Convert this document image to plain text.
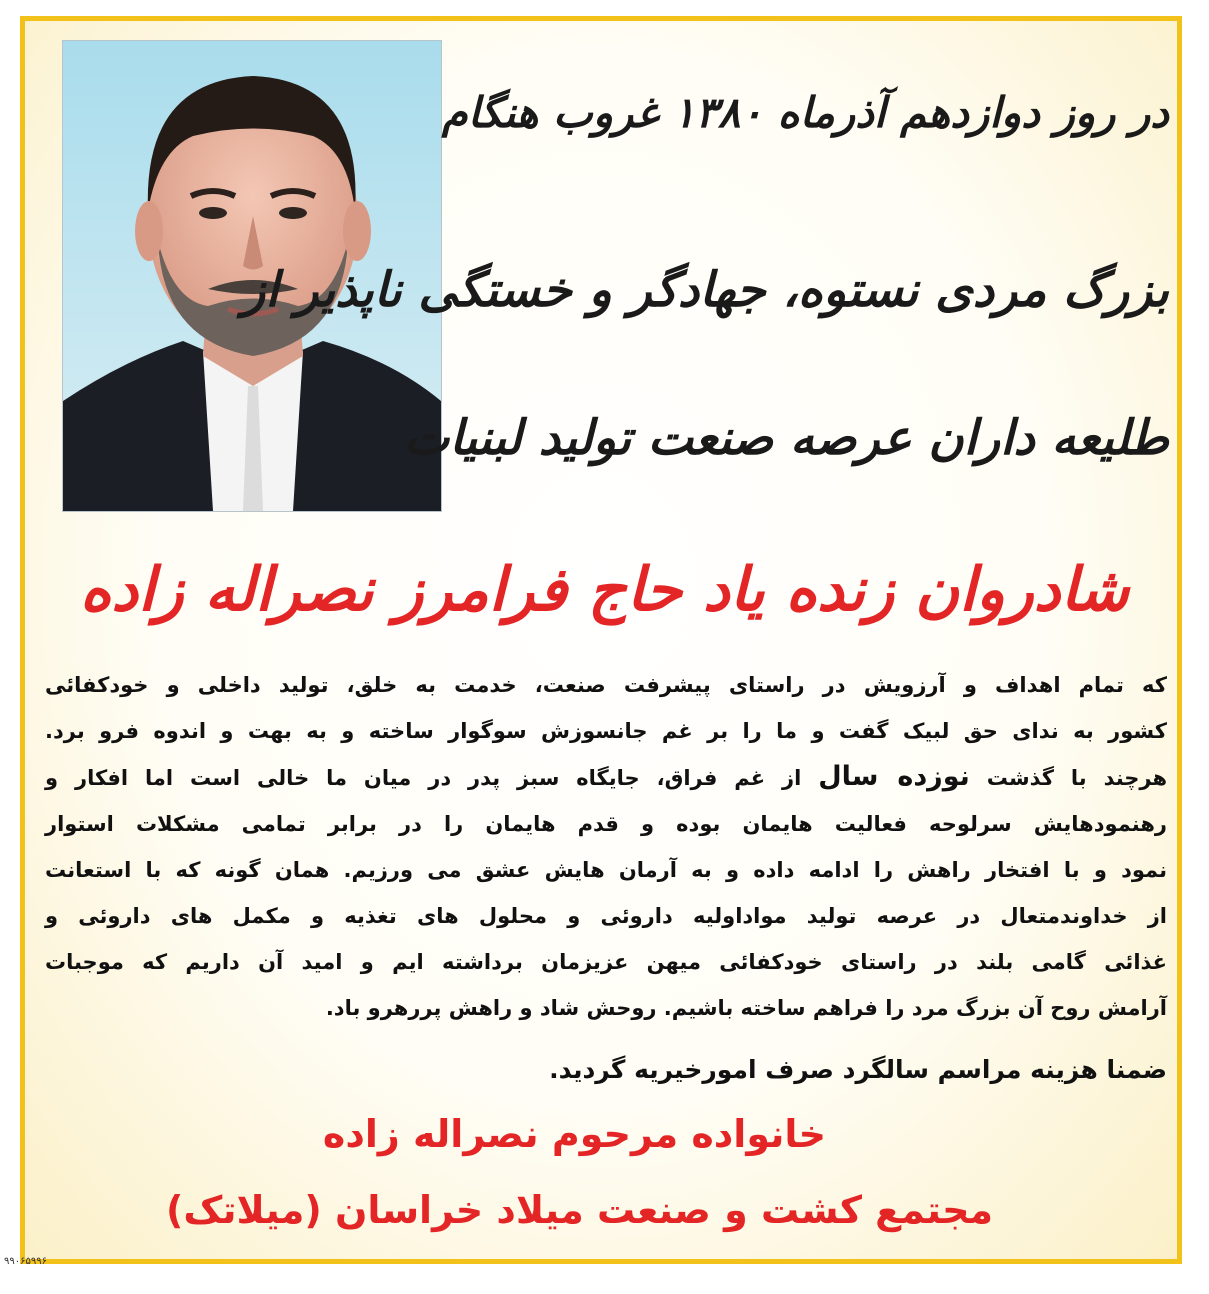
در روز دوازدهم آذرماه ۱۳۸۰ غروب هنگام
بزرگ مردی نستوه، جهادگر و خستگی ناپذیر از
طلیعه داران عرصه صنعت تولید لبنیات
شادروان زنده یاد حاج فرامرز نصراله زاده
که تمام اهداف و آرزویش در راستای پیشرفت صنعت، خدمت به خلق، تولید داخلی و خودکفائی
کشور به ندای حق لبیک گفت و ما را بر غم جانسوزش سوگوار ساخته و به بهت و اندوه فرو برد.
هرچند با گذشت نوزده سال از غم فراق، جایگاه سبز پدر در میان ما خالی است اما افکار و
رهنمودهایش سرلوحه فعالیت هایمان بوده و قدم هایمان را در برابر تمامی مشکلات استوار
نمود و با افتخار راهش را ادامه داده و به آرمان هایش عشق می ورزیم. همان گونه که با استعانت
از خداوندمتعال در عرصه تولید مواداولیه داروئی و محلول های تغذیه و مکمل های داروئی و
غذائی گامی بلند در راستای خودکفائی میهن عزیزمان برداشته ایم و امید آن داریم که موجبات
آرامش روح آن بزرگ مرد را فراهم ساخته باشیم. روحش شاد و راهش پررهرو باد.
ضمنا هزینه مراسم سالگرد صرف امورخیریه گردید.
خانواده مرحوم نصراله زاده
مجتمع کشت و صنعت میلاد خراسان (میلاتک)
۹۹۰۶۵۹۹۶
